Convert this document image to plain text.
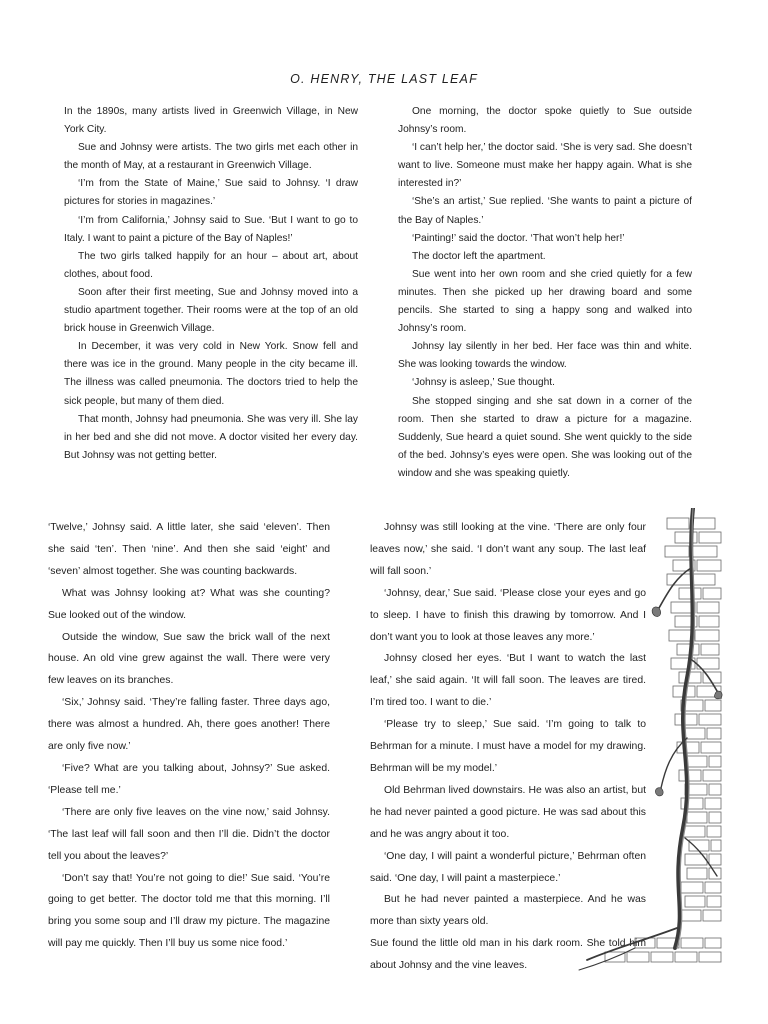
O. HENRY, THE LAST LEAF

In the 1890s, many artists lived in Greenwich Village, in New York City.

Sue and Johnsy were artists. The two girls met each other in the month of May, at a restaurant in Greenwich Village.

‘I’m from the State of Maine,’ Sue said to Johnsy. ‘I draw pictures for stories in magazines.’

‘I’m from California,’ Johnsy said to Sue. ‘But I want to go to Italy. I want to paint a picture of the Bay of Naples!’

The two girls talked happily for an hour – about art, about clothes, about food.

Soon after their first meeting, Sue and Johnsy moved into a studio apartment together. Their rooms were at the top of an old brick house in Greenwich Village.

In December, it was very cold in New York. Snow fell and there was ice in the ground. Many people in the city became ill. The illness was called pneumonia. The doctors tried to help the sick people, but many of them died.

That month, Johnsy had pneumonia. She was very ill. She lay in her bed and she did not move. A doctor visited her every day. But Johnsy was not getting better.

One morning, the doctor spoke quietly to Sue outside Johnsy’s room.

‘I can’t help her,’ the doctor said. ‘She is very sad. She doesn’t want to live. Someone must make her happy again. What is she interested in?’

‘She’s an artist,’ Sue replied. ‘She wants to paint a picture of the Bay of Naples.’

‘Painting!’ said the doctor. ‘That won’t help her!’

The doctor left the apartment.

Sue went into her own room and she cried quietly for a few minutes. Then she picked up her drawing board and some pencils. She started to sing a happy song and walked into Johnsy’s room.

Johnsy lay silently in her bed. Her face was thin and white. She was looking towards the window.

‘Johnsy is asleep,’ Sue thought.

She stopped singing and she sat down in a corner of the room. Then she started to draw a picture for a magazine. Suddenly, Sue heard a quiet sound. She went quickly to the side of the bed. Johnsy’s eyes were open. She was looking out of the window and she was speaking quietly.

‘Twelve,’ Johnsy said. A little later, she said ‘eleven’. Then she said ‘ten’. Then ‘nine’. And then she said ‘eight’ and ‘seven’ almost together. She was counting backwards.

What was Johnsy looking at? What was she counting? Sue looked out of the window.

Outside the window, Sue saw the brick wall of the next house. An old vine grew against the wall. There were very few leaves on its branches.

‘Six,’ Johnsy said. ‘They’re falling faster. Three days ago, there was almost a hundred. Ah, there goes another! There are only five now.’

‘Five? What are you talking about, Johnsy?’ Sue asked. ‘Please tell me.’

‘There are only five leaves on the vine now,’ said Johnsy. ‘The last leaf will fall soon and then I’ll die. Didn’t the doctor tell you about the leaves?’

‘Don’t say that! You’re not going to die!’ Sue said. ‘You’re going to get better. The doctor told me that this morning. I’ll bring you some soup and I’ll draw my picture. The magazine will pay me quickly. Then I’ll buy us some nice food.’

Johnsy was still looking at the vine. ‘There are only four leaves now,’ she said. ‘I don’t want any soup. The last leaf will fall soon.’

‘Johnsy, dear,’ Sue said. ‘Please close your eyes and go to sleep. I have to finish this drawing by tomorrow. And I don’t want you to look at those leaves any more.’

Johnsy closed her eyes. ‘But I want to watch the last leaf,’ she said again. ‘It will fall soon. The leaves are tired. I’m tired too. I want to die.’

‘Please try to sleep,’ Sue said. ‘I’m going to talk to Behrman for a minute. I must have a model for my drawing. Behrman will be my model.’

Old Behrman lived downstairs. He was also an artist, but he had never painted a good picture. He was sad about this and he was angry about it too.

‘One day, I will paint a wonderful picture,’ Behrman often said. ‘One day, I will paint a masterpiece.’

But he had never painted a masterpiece. And he was more than sixty years old.

Sue found the little old man in his dark room. She told him about Johnsy and the vine leaves.
